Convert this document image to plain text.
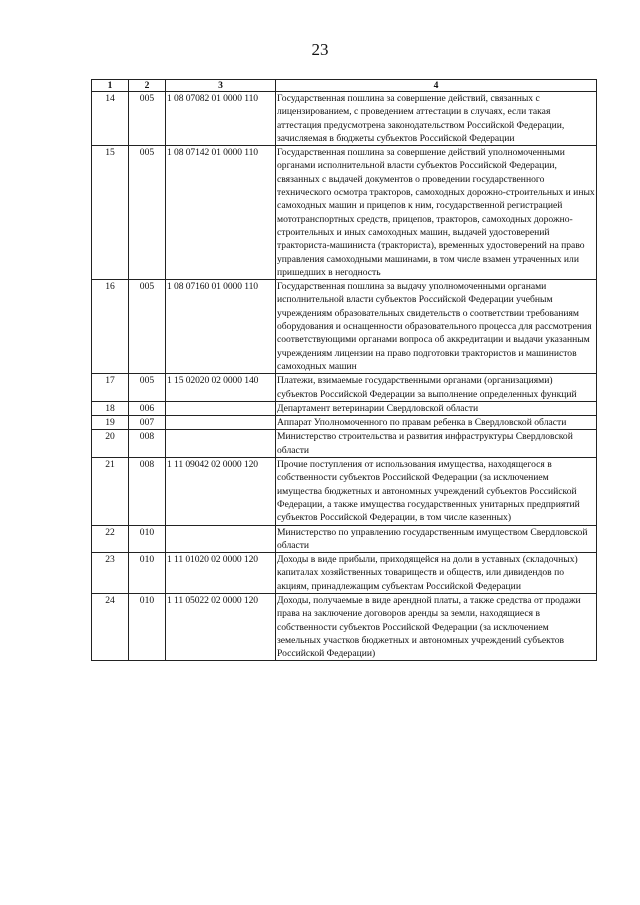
23
1	2	3	4
14	005	1 08 07082 01 0000 110	Государственная пошлина за совершение действий, связанных с лицензированием, с проведением аттестации в случаях, если такая аттестация предусмотрена законодательством Российской Федерации, зачисляемая в бюджеты субъектов Российской Федерации
15	005	1 08 07142 01 0000 110	Государственная пошлина за совершение действий уполномоченными органами исполнительной власти субъектов Российской Федерации, связанных с выдачей документов о проведении государственного технического осмотра тракторов, самоходных дорожно-строительных и иных самоходных машин и прицепов к ним, государственной регистрацией мототранспортных средств, прицепов, тракторов, самоходных дорожно-строительных и иных самоходных машин, выдачей удостоверений тракториста-машиниста (тракториста), временных удостоверений на право управления самоходными машинами, в том числе взамен утраченных или пришедших в негодность
16	005	1 08 07160 01 0000 110	Государственная пошлина за выдачу уполномоченными органами исполнительной власти субъектов Российской Федерации учебным учреждениям образовательных свидетельств о соответствии требованиям оборудования и оснащенности образовательного процесса для рассмотрения соответствующими органами вопроса об аккредитации и выдачи указанным учреждениям лицензии на право подготовки трактористов и машинистов самоходных машин
17	005	1 15 02020 02 0000 140	Платежи, взимаемые государственными органами (организациями) субъектов Российской Федерации за выполнение определенных функций
18	006		Департамент ветеринарии Свердловской области
19	007		Аппарат Уполномоченного по правам ребенка в Свердловской области
20	008		Министерство строительства и развития инфраструктуры Свердловской области
21	008	1 11 09042 02 0000 120	Прочие поступления от использования имущества, находящегося в собственности субъектов Российской Федерации (за исключением имущества бюджетных и автономных учреждений субъектов Российской Федерации, а также имущества государственных унитарных предприятий субъектов Российской Федерации, в том числе казенных)
22	010		Министерство по управлению государственным имуществом Свердловской области
23	010	1 11 01020 02 0000 120	Доходы в виде прибыли, приходящейся на доли в уставных (складочных) капиталах хозяйственных товариществ и обществ, или дивидендов по акциям, принадлежащим субъектам Российской Федерации
24	010	1 11 05022 02 0000 120	Доходы, получаемые в виде арендной платы, а также средства от продажи права на заключение договоров аренды за земли, находящиеся в собственности субъектов Российской Федерации (за исключением земельных участков бюджетных и автономных учреждений субъектов Российской Федерации)
